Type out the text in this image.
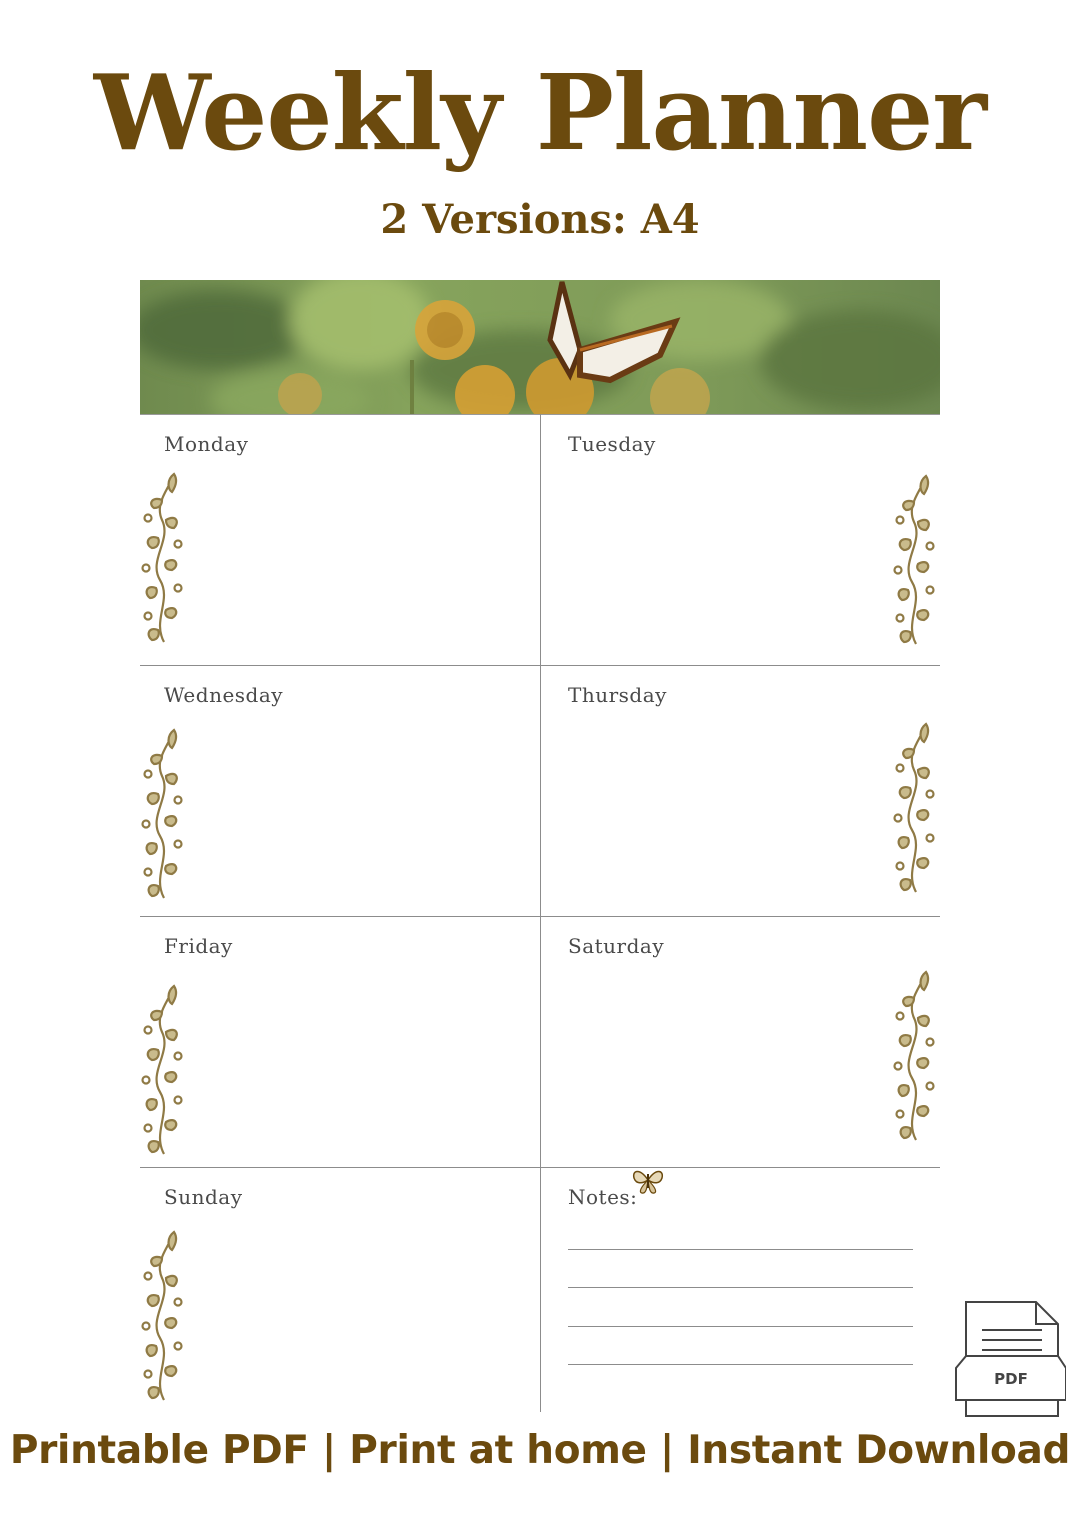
Weekly Planner
2 Versions: A4
Monday	Tuesday
Wednesday	Thursday
Friday	Saturday
Sunday	Notes:
PDF
Printable PDF | Print at home | Instant Download
